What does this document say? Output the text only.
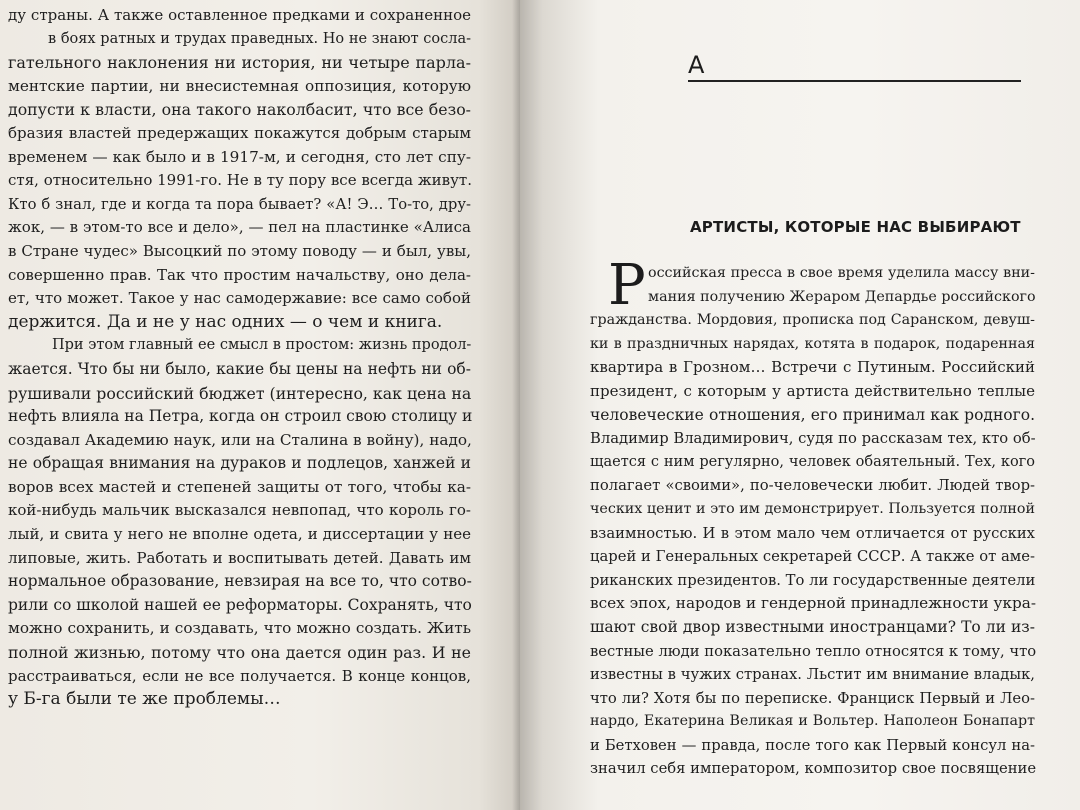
ду страны. А также оставленное предками и сохраненное
в боях ратных и трудах праведных. Но не знают сосла-
гательного наклонения ни история, ни четыре парла-
ментские партии, ни внесистемная оппозиция, которую
допусти к власти, она такого наколбасит, что все безо-
бразия властей предержащих покажутся добрым старым
временем — как было и в 1917-м, и сегодня, сто лет спу-
стя, относительно 1991-го. Не в ту пору все всегда живут.
Кто б знал, где и когда та пора бывает? «А! Э… То-то, дру-
жок, — в этом-то все и дело», — пел на пластинке «Алиса
в Стране чудес» Высоцкий по этому поводу — и был, увы,
совершенно прав. Так что простим начальству, оно дела-
ет, что может. Такое у нас самодержавие: все само собой
держится. Да и не у нас одних — о чем и книга.
При этом главный ее смысл в простом: жизнь продол-
жается. Что бы ни было, какие бы цены на нефть ни об-
рушивали российский бюджет (интересно, как цена на
нефть влияла на Петра, когда он строил свою столицу и
создавал Академию наук, или на Сталина в войну), надо,
не обращая внимания на дураков и подлецов, ханжей и
воров всех мастей и степеней защиты от того, чтобы ка-
кой-нибудь мальчик высказался невпопад, что король го-
лый, и свита у него не вполне одета, и диссертации у нее
липовые, жить. Работать и воспитывать детей. Давать им
нормальное образование, невзирая на все то, что сотво-
рили со школой нашей ее реформаторы. Сохранять, что
можно сохранить, и создавать, что можно создать. Жить
полной жизнью, потому что она дается один раз. И не
расстраиваться, если не все получается. В конце концов,
у Б-га были те же проблемы…
А
АРТИСТЫ, КОТОРЫЕ НАС ВЫБИРАЮТ
Р оссийская пресса в свое время уделила массу вни-
мания получению Жераром Депардье российского
гражданства. Мордовия, прописка под Саранском, девуш-
ки в праздничных нарядах, котята в подарок, подаренная
квартира в Грозном… Встречи с Путиным. Российский
президент, с которым у артиста действительно теплые
человеческие отношения, его принимал как родного.
Владимир Владимирович, судя по рассказам тех, кто об-
щается с ним регулярно, человек обаятельный. Тех, кого
полагает «своими», по-человечески любит. Людей твор-
ческих ценит и это им демонстрирует. Пользуется полной
взаимностью. И в этом мало чем отличается от русских
царей и Генеральных секретарей СССР. А также от аме-
риканских президентов. То ли государственные деятели
всех эпох, народов и гендерной принадлежности укра-
шают свой двор известными иностранцами? То ли из-
вестные люди показательно тепло относятся к тому, что
известны в чужих странах. Льстит им внимание владык,
что ли? Хотя бы по переписке. Франциск Первый и Лео-
нардо, Екатерина Великая и Вольтер. Наполеон Бонапарт
и Бетховен — правда, после того как Первый консул на-
значил себя императором, композитор свое посвящение
